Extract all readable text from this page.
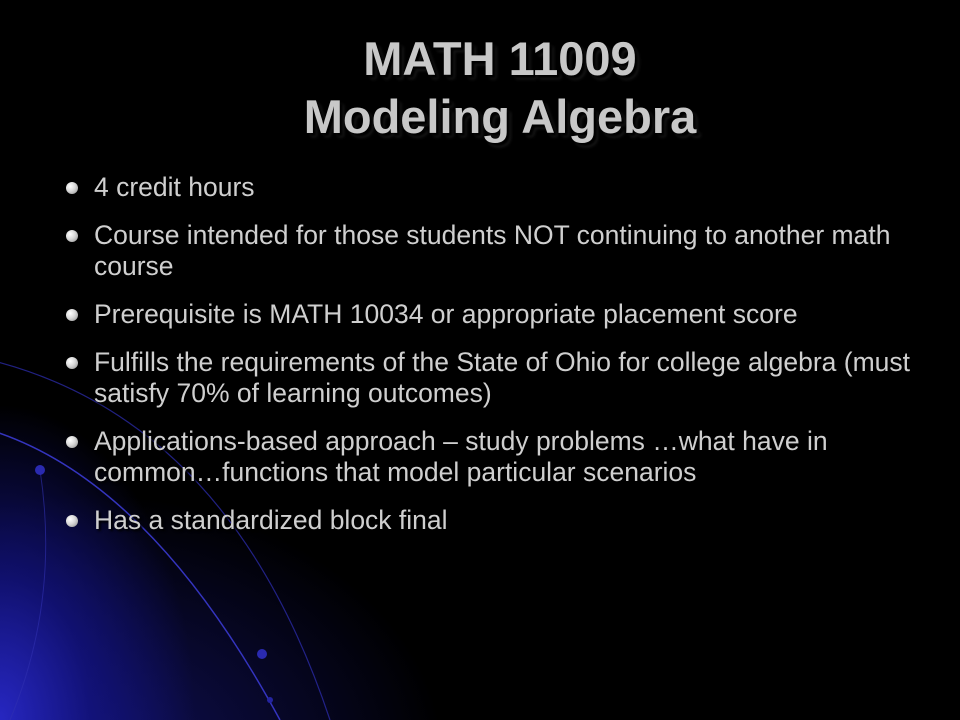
MATH 11009
Modeling Algebra
4 credit hours
Course intended for those students NOT continuing to another math course
Prerequisite is MATH 10034 or appropriate placement score
Fulfills the requirements of the State of Ohio for college algebra (must satisfy 70% of learning outcomes)
Applications-based approach – study problems …what have in common…functions that model particular scenarios
Has a standardized block final
